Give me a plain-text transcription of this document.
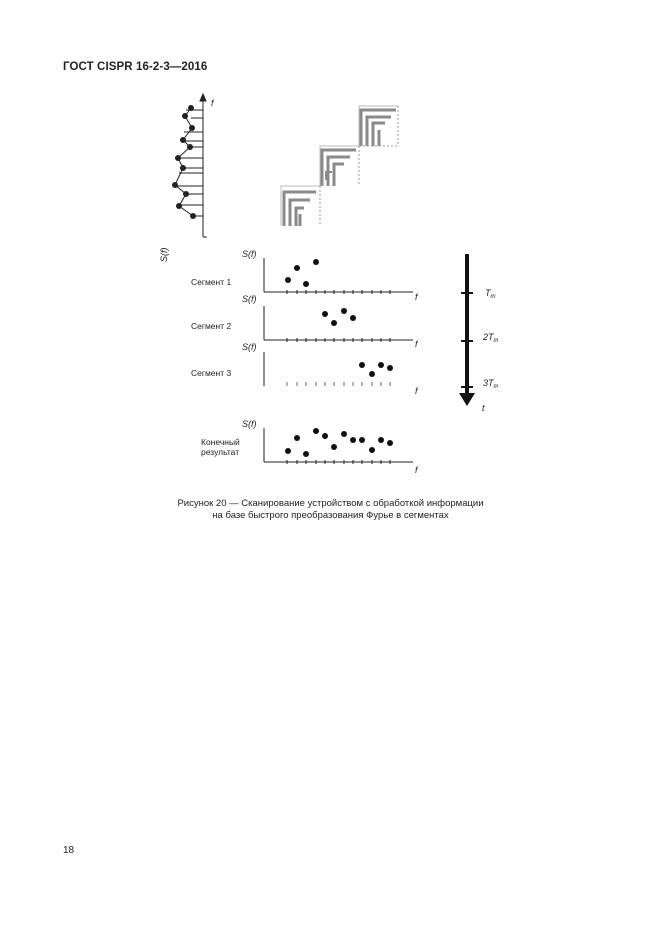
ГОСТ CISPR 16-2-3—2016
f
S(f)	S(f)
f
Сегмент 1
S(f)
f
Сегмент 2
S(f)
f
Сегмент 3
S(f)
f
Конечный
результат
$T_m$
$2T_m$
$3T_m$
t
Рисунок 20 — Сканирование устройством с обработкой информации
на базе быстрого преобразования Фурье в сегментах
18
